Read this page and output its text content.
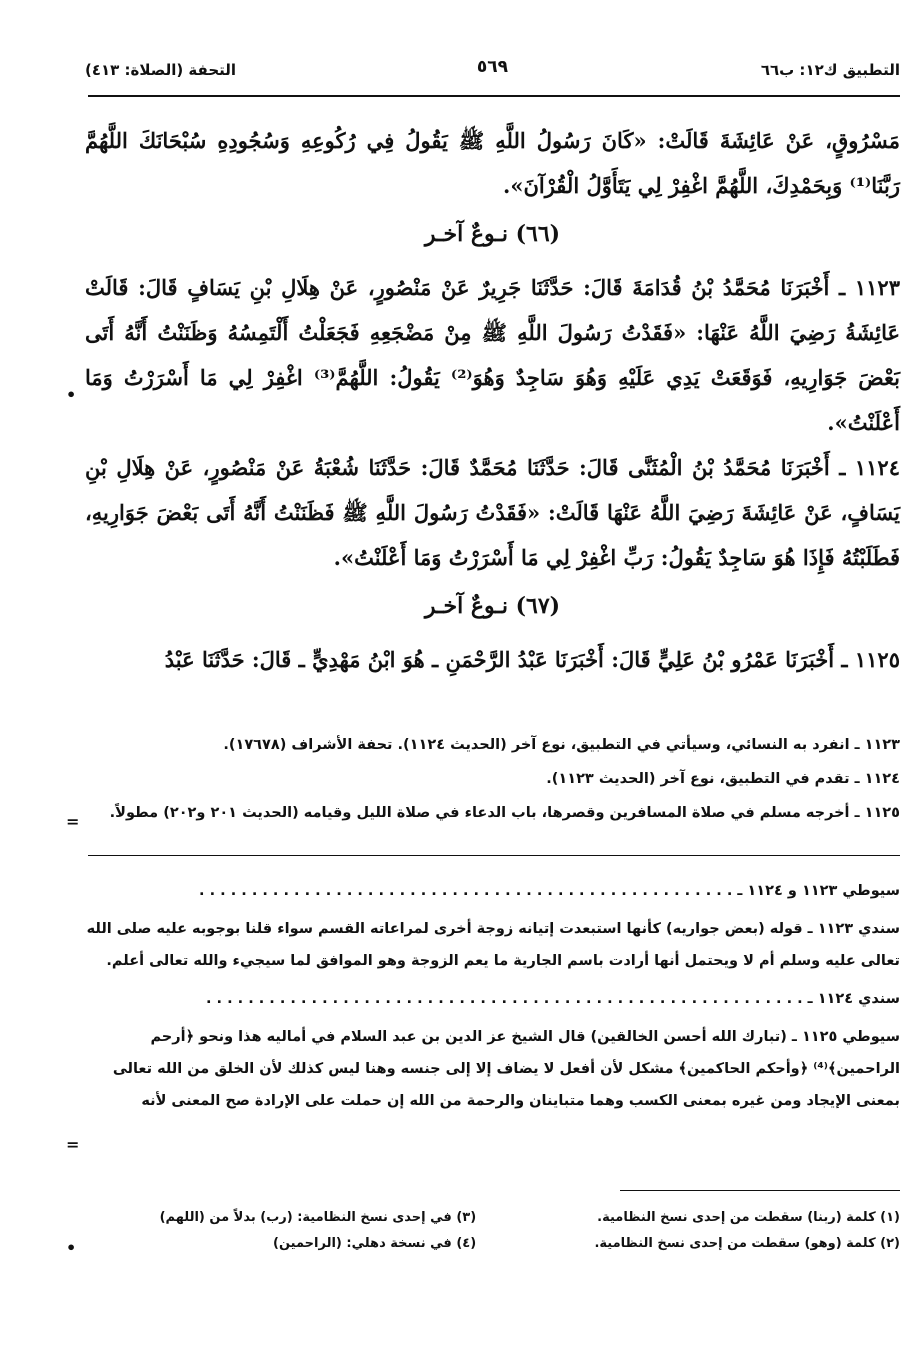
التطبيق ك١٢: ب٦٦
٥٦٩
التحفة (الصلاة: ٤١٣)

مَسْرُوقٍ، عَنْ عَائِشَةَ قَالَتْ: «كَانَ رَسُولُ اللَّهِ ﷺ يَقُولُ فِي رُكُوعِهِ وَسُجُودِهِ سُبْحَانَكَ اللَّهُمَّ رَبَّنَا⁽¹⁾ وَبِحَمْدِكَ، اللَّهُمَّ اغْفِرْ لِي يَتَأَوَّلُ الْقُرْآنَ».

(٦٦) نـوعٌ آخـر

١١٢٣ ـ أَخْبَرَنَا مُحَمَّدُ بْنُ قُدَامَةَ قَالَ: حَدَّثَنَا جَرِيرٌ عَنْ مَنْصُورٍ، عَنْ هِلَالِ بْنِ يَسَافٍ قَالَ: قَالَتْ عَائِشَةُ رَضِيَ اللَّهُ عَنْهَا: «فَقَدْتُ رَسُولَ اللَّهِ ﷺ مِنْ مَضْجَعِهِ فَجَعَلْتُ أَلْتَمِسُهُ وَظَنَنْتُ أَنَّهُ أَتَى بَعْضَ جَوَارِيهِ، فَوَقَعَتْ يَدِي عَلَيْهِ وَهُوَ سَاجِدٌ وَهُوَ⁽²⁾ يَقُولُ: اللَّهُمَّ⁽³⁾ اغْفِرْ لِي مَا أَسْرَرْتُ وَمَا أَعْلَنْتُ».

١١٢٤ ـ أَخْبَرَنَا مُحَمَّدُ بْنُ الْمُثَنَّى قَالَ: حَدَّثَنَا مُحَمَّدٌ قَالَ: حَدَّثَنَا شُعْبَةُ عَنْ مَنْصُورٍ، عَنْ هِلَالِ بْنِ يَسَافٍ، عَنْ عَائِشَةَ رَضِيَ اللَّهُ عَنْهَا قَالَتْ: «فَقَدْتُ رَسُولَ اللَّهِ ﷺ فَظَنَنْتُ أَنَّهُ أَتَى بَعْضَ جَوَارِيهِ، فَطَلَبْتُهُ فَإِذَا هُوَ سَاجِدٌ يَقُولُ: رَبِّ اغْفِرْ لِي مَا أَسْرَرْتُ وَمَا أَعْلَنْتُ».

(٦٧) نـوعٌ آخـر

١١٢٥ ـ أَخْبَرَنَا عَمْرُو بْنُ عَلِيٍّ قَالَ: أَخْبَرَنَا عَبْدُ الرَّحْمَنِ ـ هُوَ ابْنُ مَهْدِيٍّ ـ قَالَ: حَدَّثَنَا عَبْدُ

•
١١٢٣ ـ انفرد به النسائي، وسيأتي في التطبيق، نوع آخر (الحديث ١١٢٤). تحفة الأشراف (١٧٦٧٨).
١١٢٤ ـ تقدم في التطبيق، نوع آخر (الحديث ١١٢٣).
١١٢٥ ـ أخرجه مسلم في صلاة المسافرين وقصرها، باب الدعاء في صلاة الليل وقيامه (الحديث ٢٠١ و٢٠٢) مطولاً.
=

سيوطي ١١٢٣ و ١١٢٤ ـ . . . . . . . . . . . . . . . . . . . . . . . . . . . . . . . . . . . . . . . . . . . . . . . . . . .

سندي ١١٢٣ ـ قوله (بعض جواريه) كأنها استبعدت إتيانه زوجة أخرى لمراعاته القسم سواء قلنا بوجوبه عليه صلى الله تعالى عليه وسلم أم لا ويحتمل أنها أرادت باسم الجارية ما يعم الزوجة وهو الموافق لما سيجيء والله تعالى أعلم.

سندي ١١٢٤ ـ . . . . . . . . . . . . . . . . . . . . . . . . . . . . . . . . . . . . . . . . . . . . . . . . . . . . . . . . .

سيوطي ١١٢٥ ـ (تبارك الله أحسن الخالقين) قال الشيخ عز الدين بن عبد السلام في أماليه هذا ونحو ﴿أرحم الراحمين﴾⁽⁴⁾ ﴿وأحكم الحاكمين﴾ مشكل لأن أفعل لا يضاف إلا إلى جنسه وهنا ليس كذلك لأن الخلق من الله تعالى بمعنى الإيجاد ومن غيره بمعنى الكسب وهما متباينان والرحمة من الله إن حملت على الإرادة صح المعنى لأنه

=
(١) كلمة (ربنا) سقطت من إحدى نسخ النظامية.
(٢) كلمة (وهو) سقطت من إحدى نسخ النظامية.
(٣) في إحدى نسخ النظامية: (رب) بدلاً من (اللهم)
(٤) في نسخة دهلي: (الراحمين)
•
